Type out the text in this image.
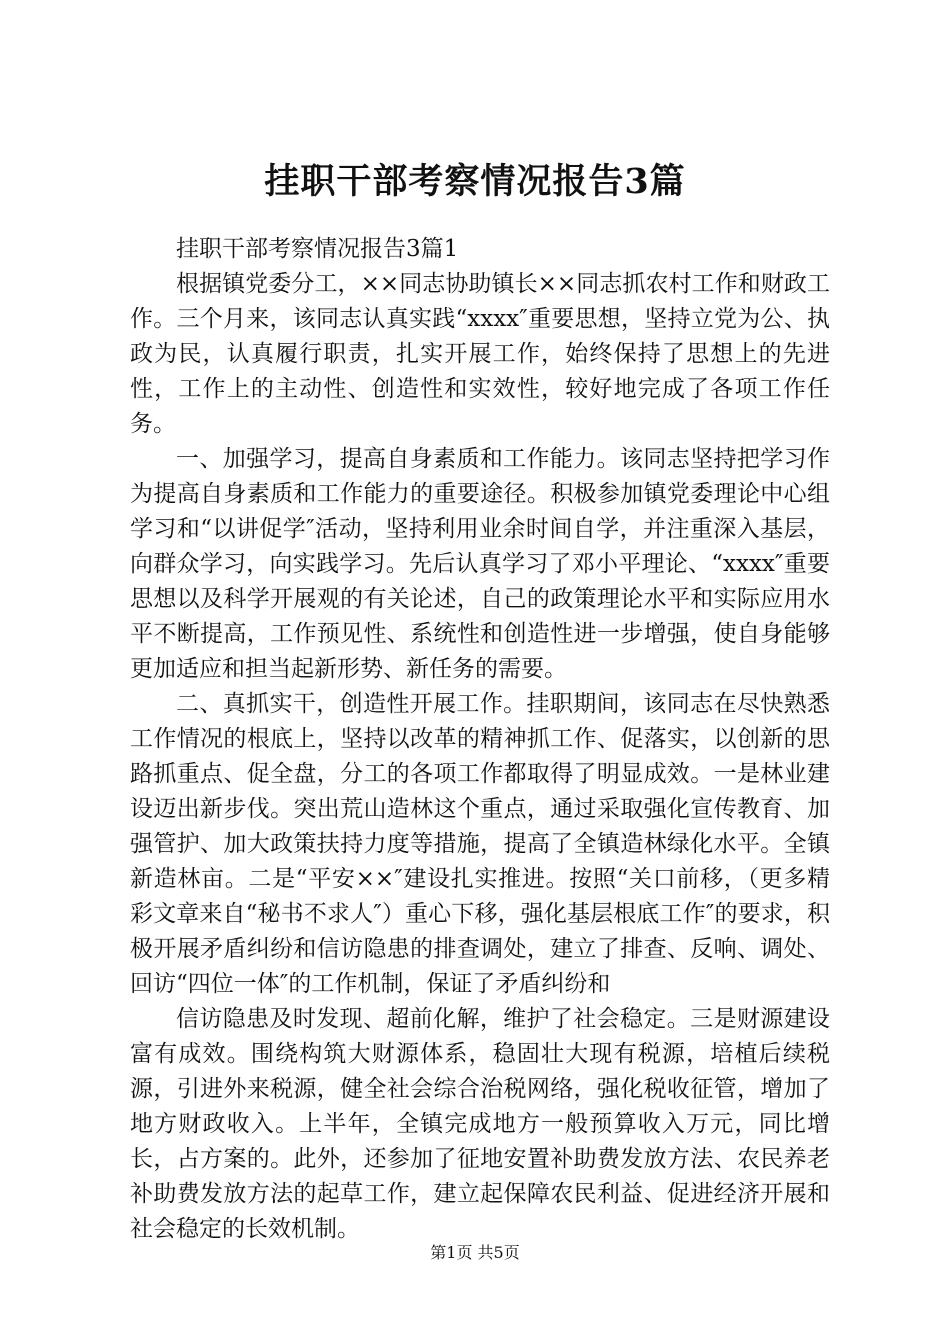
挂职干部考察情况报告3篇

挂职干部考察情况报告3篇1

根据镇党委分工，××同志协助镇长××同志抓农村工作和财政工作。三个月来，该同志认真实践“xxxx″重要思想，坚持立党为公、执政为民，认真履行职责，扎实开展工作，始终保持了思想上的先进性，工作上的主动性、创造性和实效性，较好地完成了各项工作任务。

一、加强学习，提高自身素质和工作能力。该同志坚持把学习作为提高自身素质和工作能力的重要途径。积极参加镇党委理论中心组学习和“以讲促学″活动，坚持利用业余时间自学，并注重深入基层，向群众学习，向实践学习。先后认真学习了邓小平理论、“xxxx″重要思想以及科学开展观的有关论述，自己的政策理论水平和实际应用水平不断提高，工作预见性、系统性和创造性进一步增强，使自身能够更加适应和担当起新形势、新任务的需要。

二、真抓实干，创造性开展工作。挂职期间，该同志在尽快熟悉工作情况的根底上，坚持以改革的精神抓工作、促落实，以创新的思路抓重点、促全盘，分工的各项工作都取得了明显成效。一是林业建设迈出新步伐。突出荒山造林这个重点，通过采取强化宣传教育、加强管护、加大政策扶持力度等措施，提高了全镇造林绿化水平。全镇新造林亩。二是“平安××″建设扎实推进。按照“关口前移，（更多精彩文章来自“秘书不求人″）重心下移，强化基层根底工作″的要求，积极开展矛盾纠纷和信访隐患的排查调处，建立了排查、反响、调处、回访“四位一体″的工作机制，保证了矛盾纠纷和

信访隐患及时发现、超前化解，维护了社会稳定。三是财源建设富有成效。围绕构筑大财源体系，稳固壮大现有税源，培植后续税源，引进外来税源，健全社会综合治税网络，强化税收征管，增加了地方财政收入。上半年，全镇完成地方一般预算收入万元，同比增长，占方案的。此外，还参加了征地安置补助费发放方法、农民养老补助费发放方法的起草工作，建立起保障农民利益、促进经济开展和社会稳定的长效机制。

第1页 共5页
